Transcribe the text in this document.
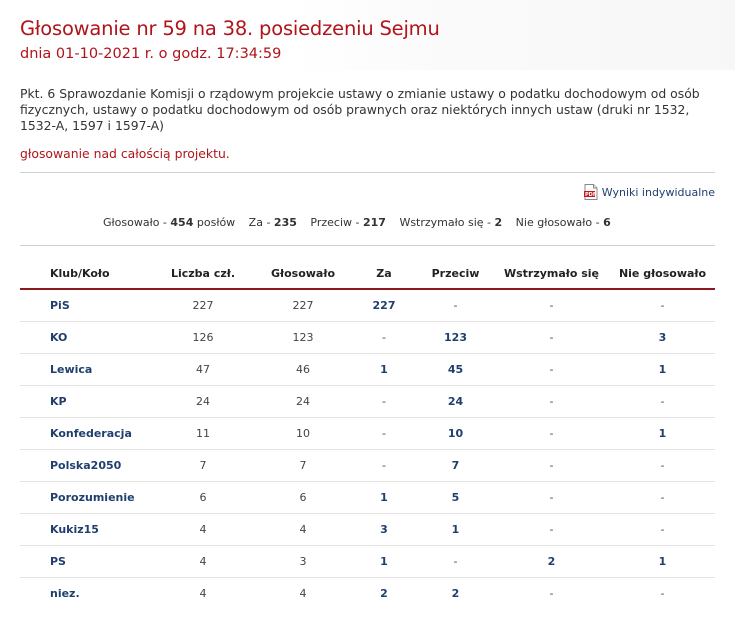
Głosowanie nr 59 na 38. posiedzeniu Sejmu
dnia 01-10-2021 r. o godz. 17:34:59
Pkt. 6 Sprawozdanie Komisji o rządowym projekcie ustawy o zmianie ustawy o podatku dochodowym od osób fizycznych, ustawy o podatku dochodowym od osób prawnych oraz niektórych innych ustaw (druki nr 1532, 1532-A, 1597 i 1597-A)
głosowanie nad całością projektu.
PDF Wyniki indywidualne
Głosowało - 454 posłów Za - 235 Przeciw - 217 Wstrzymało się - 2 Nie głosowało - 6
Klub/Koło	Liczba czł.	Głosowało	Za	Przeciw	Wstrzymało się	Nie głosowało
PiS	227	227	227	-	-	-
KO	126	123	-	123	-	3
Lewica	47	46	1	45	-	1
KP	24	24	-	24	-	-
Konfederacja	11	10	-	10	-	1
Polska2050	7	7	-	7	-	-
Porozumienie	6	6	1	5	-	-
Kukiz15	4	4	3	1	-	-
PS	4	3	1	-	2	1
niez.	4	4	2	2	-	-
